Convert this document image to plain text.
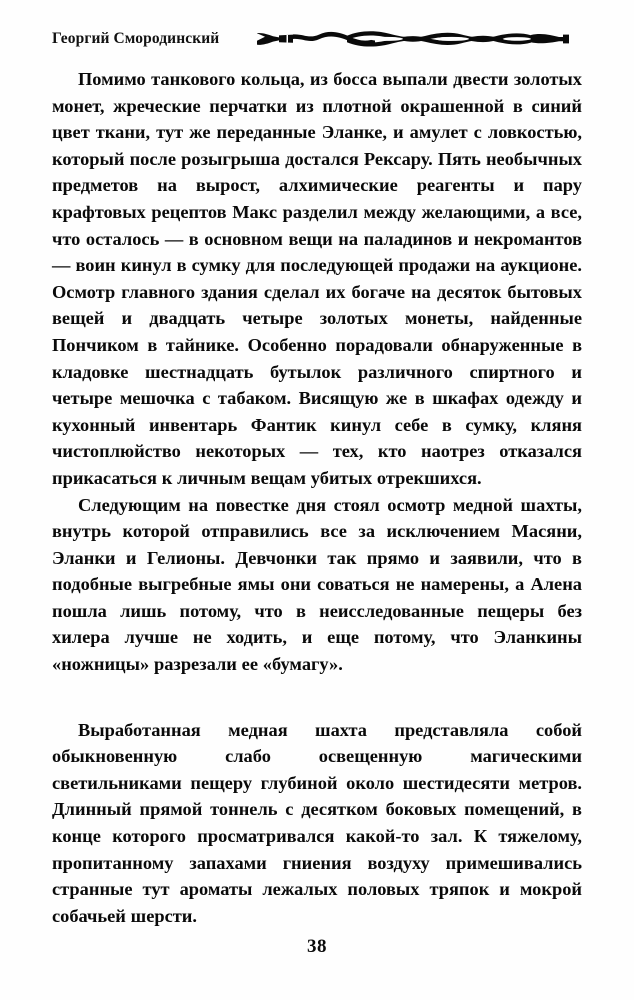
Георгий Смородинский

Помимо танкового кольца, из босса выпали двести золотых монет, жреческие перчатки из плотной окрашенной в синий цвет ткани, тут же переданные Эланке, и амулет с ловкостью, который после розыгрыша достался Рексару. Пять необычных предметов на вырост, алхимические реагенты и пару крафтовых рецептов Макс разделил между желающими, а все, что осталось — в основном вещи на паладинов и некромантов — воин кинул в сумку для последующей продажи на аукционе. Осмотр главного здания сделал их богаче на десяток бытовых вещей и двадцать четыре золотых монеты, найденные Пончиком в тайнике. Особенно порадовали обнаруженные в кладовке шестнадцать бутылок различного спиртного и четыре мешочка с табаком. Висящую же в шкафах одежду и кухонный инвентарь Фантик кинул себе в сумку, кляня чистоплюйство некоторых — тех, кто наотрез отказался прикасаться к личным вещам убитых отрекшихся.

Следующим на повестке дня стоял осмотр медной шахты, внутрь которой отправились все за исключением Масяни, Эланки и Гелионы. Девчонки так прямо и заявили, что в подобные выгребные ямы они соваться не намерены, а Алена пошла лишь потому, что в неисследованные пещеры без хилера лучше не ходить, и еще потому, что Эланкины «ножницы» разрезали ее «бумагу».

Выработанная медная шахта представляла собой обыкновенную слабо освещенную магическими светильниками пещеру глубиной около шестидесяти метров. Длинный прямой тоннель с десятком боковых помещений, в конце которого просматривался какой-то зал. К тяжелому, пропитанному запахами гниения воздуху примешивались странные тут ароматы лежалых половых тряпок и мокрой собачьей шерсти.

38
